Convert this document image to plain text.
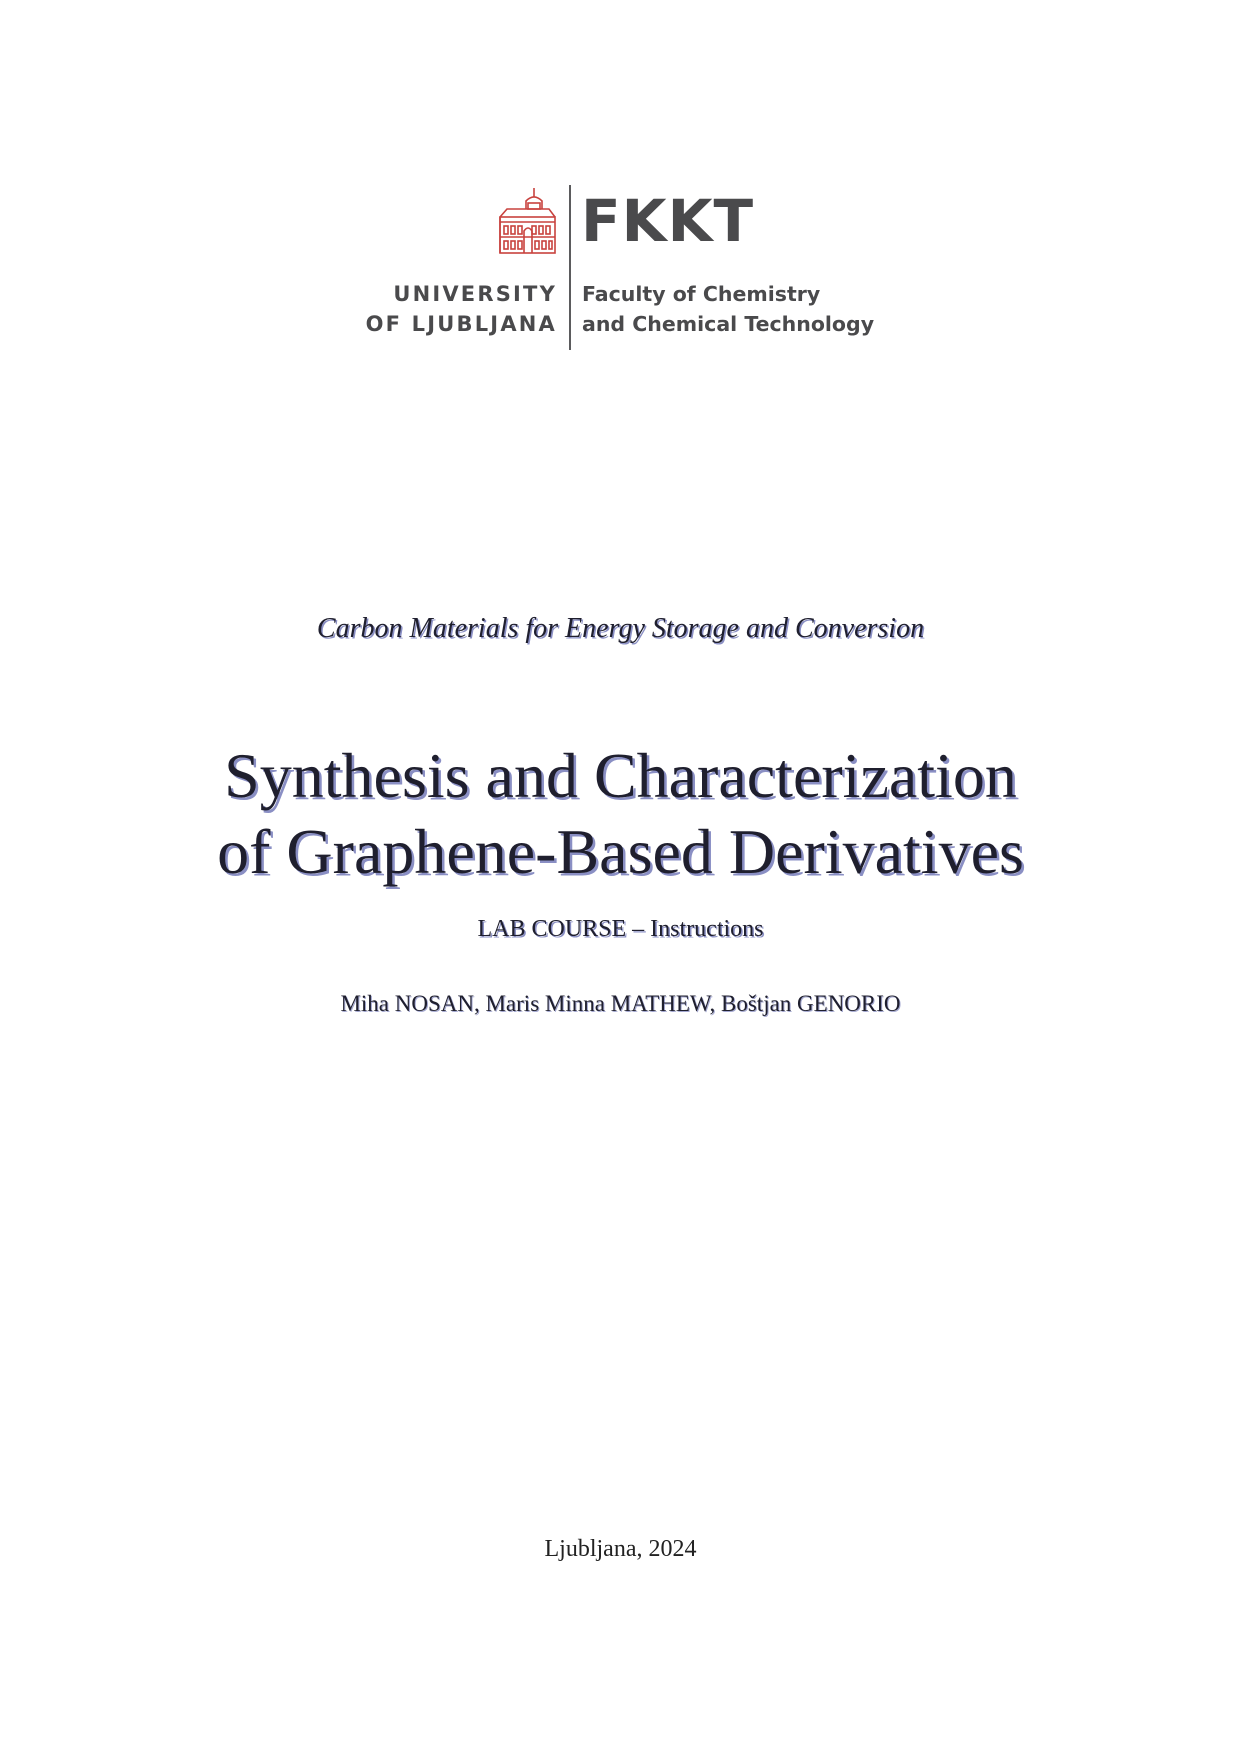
UNIVERSITY
OF LJUBLJANA
FKKT
Faculty of Chemistry
and Chemical Technology
Carbon Materials for Energy Storage and Conversion
Synthesis and Characterization
of Graphene-Based Derivatives
LAB COURSE – Instructions
Miha NOSAN, Maris Minna MATHEW, Boštjan GENORIO
Ljubljana, 2024
